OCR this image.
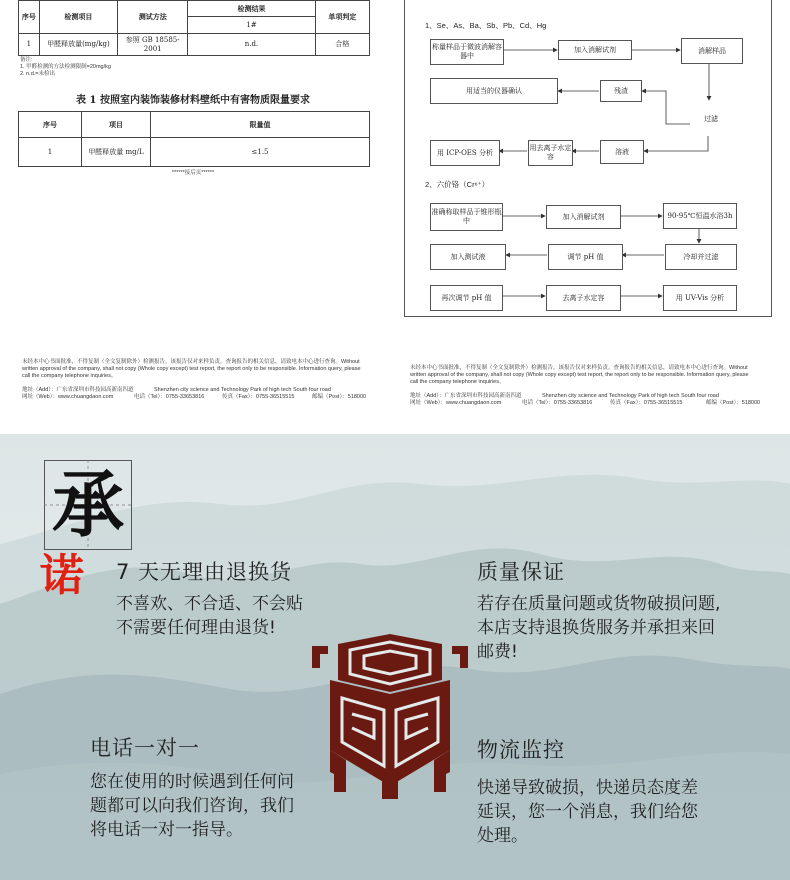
序号	检测项目	测试方法	检测结果	单项判定
			1#	
1	甲醛释放量(mg/kg)	参照 GB 18585-2001	n.d.	合格
备注:
1. 甲醛检测的方法检测限制=20mg/kg
2. n.d.=未检出
表 1 按照室内装饰装修材料壁纸中有害物质限量要求
序号	项目	限量值
1	甲醛释放量 mg/L	≤1.5
******接后页******
未经本中心书面批准，不得复制（全文复制除外）检测报告。该报告仅对来样负责。查询报告的相关信息，请致电本中心进行查询。Without
written approval of the company, shall not copy (Whole copy except) test report, the report only to be responsible. Information query, please
call the company telephone inquiries。
地址（Add）：广东省深圳市科技园高新南四道	Shenzhen city science and Technology Park of high tech South four road
网址（Web）：www.chuangdaon.com	电话（Tel）：0755-33653816	传真（Fax）：0755-36515515	邮编（Post）：518000
1、Se、As、Ba、Sb、Pb、Cd、Hg
称量样品于微波消解容器中
加入消解试剂	消解样品
用适当的仪器确认	残渣
过滤
用 ICP-OES 分析
用去离子水定容
溶液
2、六价铬（Cr⁶⁺）
准确称取样品于锥形瓶中
加入消解试剂	90-95℃恒温水浴3h
加入测试液	调节 pH 值	冷却并过滤
再次调节 pH 值	去离子水定容	用 UV-Vis 分析
未经本中心书面批准，不得复制（全文复制除外）检测报告。该报告仅对来样负责。查询报告的相关信息，请致电本中心进行查询。Without
written approval of the company, shall not copy (Whole copy except) test report, the report only to be responsible. Information query, please
call the company telephone inquiries。
地址（Add）：广东省深圳市科技园高新南四道	Shenzhen city science and Technology Park of high tech South four road
网址（Web）：www.chuangdaon.com	电话（Tel）：0755-33653816	传真（Fax）：0755-36515515	邮编（Post）：518000
承
诺 7 天无理由退换货
不喜欢、不合适、不会贴
不需要任何理由退货!
质量保证
若存在质量问题或货物破损问题,
本店支持退换货服务并承担来回
邮费!
电话一对一
您在使用的时候遇到任何问
题都可以向我们咨询，我们
将电话一对一指导。
物流监控
快递导致破损，快递员态度差
延误，您一个消息，我们给您
处理。
